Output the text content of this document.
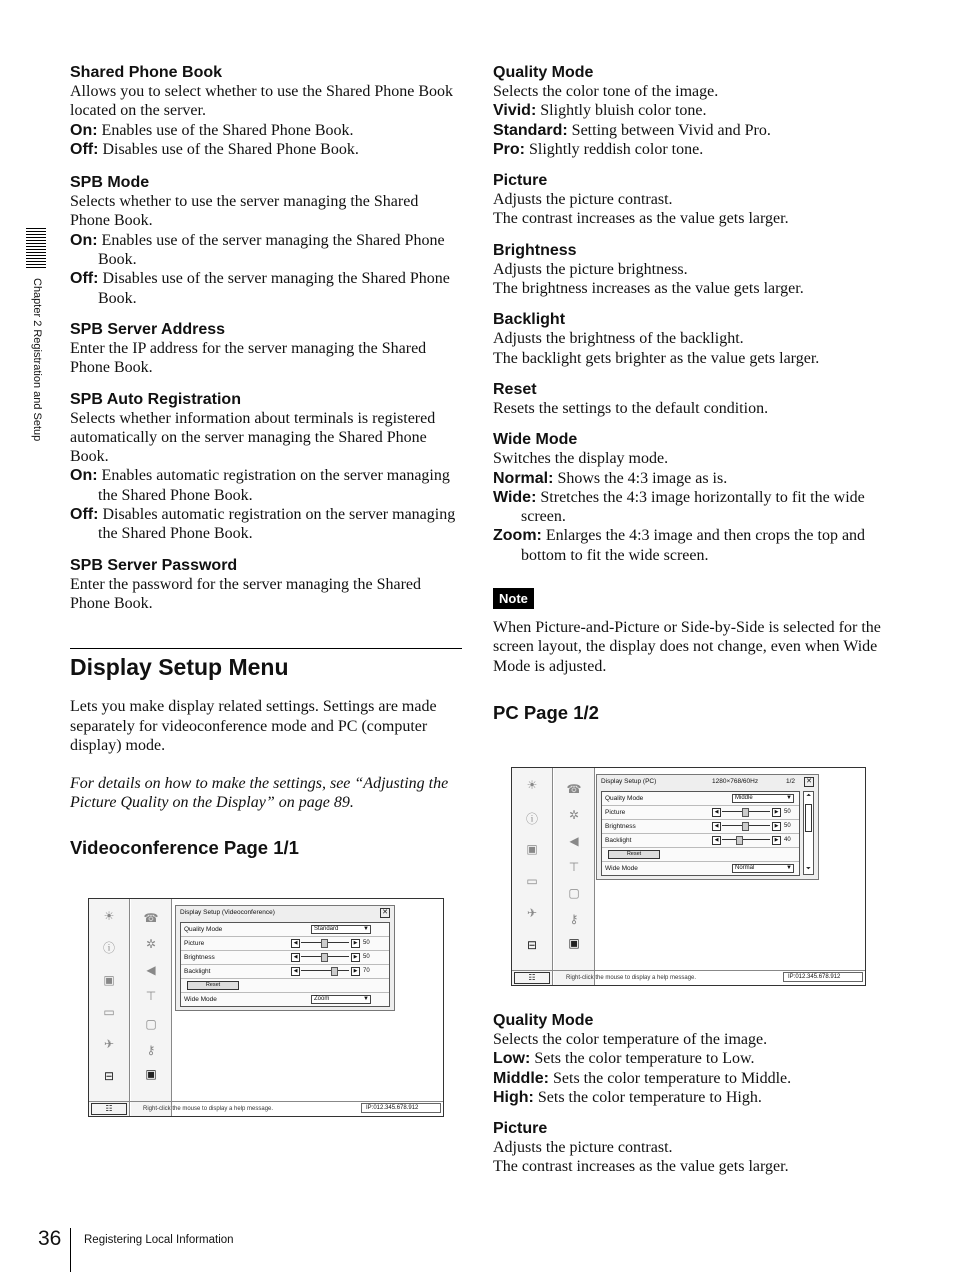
Chapter 2 Registration and Setup
Shared Phone Book
Allows you to select whether to use the Shared Phone Book located on the server.
On: Enables use of the Shared Phone Book.
Off: Disables use of the Shared Phone Book.
SPB Mode
Selects whether to use the server managing the Shared Phone Book.
On: Enables use of the server managing the Shared Phone Book.
Off: Disables use of the server managing the Shared Phone Book.
SPB Server Address
Enter the IP address for the server managing the Shared Phone Book.
SPB Auto Registration
Selects whether information about terminals is registered automatically on the server managing the Shared Phone Book.
On: Enables automatic registration on the server managing the Shared Phone Book.
Off: Disables automatic registration on the server managing the Shared Phone Book.
SPB Server Password
Enter the password for the server managing the Shared Phone Book.
Display Setup Menu
Lets you make display related settings. Settings are made separately for videoconference mode and PC (computer display) mode.
For details on how to make the settings, see “Adjusting the Picture Quality on the Display” on page 89.
Videoconference Page 1/1
Quality Mode
Selects the color tone of the image.
Vivid: Slightly bluish color tone.
Standard: Setting between Vivid and Pro.
Pro: Slightly reddish color tone.
Picture
Adjusts the picture contrast.
The contrast increases as the value gets larger.
Brightness
Adjusts the picture brightness.
The brightness increases as the value gets larger.
Backlight
Adjusts the brightness of the backlight.
The backlight gets brighter as the value gets larger.
Reset
Resets the settings to the default condition.
Wide Mode
Switches the display mode.
Normal: Shows the 4:3 image as is.
Wide: Stretches the 4:3 image horizontally to fit the wide screen.
Zoom: Enlarges the 4:3 image and then crops the top and bottom to fit the wide screen.
Note
When Picture-and-Picture or Side-by-Side is selected for the screen layout, the display does not change, even when Wide Mode is adjusted.
PC Page 1/2
Quality Mode
Selects the color temperature of the image.
Low: Sets the color temperature to Low.
Middle: Sets the color temperature to Middle.
High: Sets the color temperature to High.
Picture
Adjusts the picture contrast.
The contrast increases as the value gets larger.
☀
ⓘ
▣
▭
✈
⊟
☎
✲
◀
⊤
▢
⚷
▣
Display Setup (Videoconference)	✕
Quality Mode	Standard ▼
Picture	◀	▶ 50
Brightness	◀	▶ 50
Backlight	◀	▶ 70
Reset
Wide Mode	Zoom ▼
☷	Right-click the mouse to display a help message.	IP:012.345.678.912
☀
ⓘ
▣
▭
✈
⊟
☎
✲
◀
⊤
▢
⚷
▣
Display Setup (PC)	1280×768/60Hz	1/2 ✕
Quality Mode	Middle ▼
Picture	◀	▶ 50
Brightness	◀	▶ 50
Backlight	◀	▶ 40
Reset
Wide Mode	Normal ▼
⏶
⏷
☷	Right-click the mouse to display a help message.	IP:012.345.678.912
36 Registering Local Information
